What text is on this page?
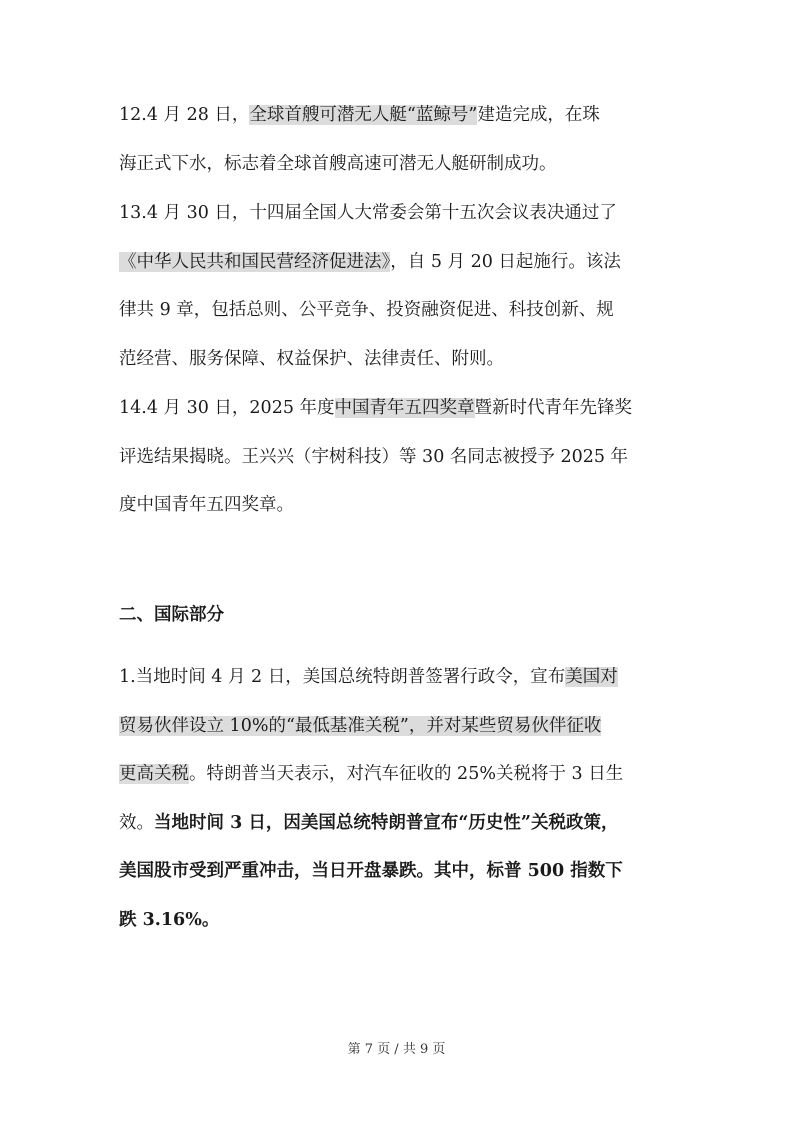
12.4 月 28 日，全球首艘可潜无人艇“蓝鲸号”建造完成，在珠
海正式下水，标志着全球首艘高速可潜无人艇研制成功。
13.4 月 30 日，十四届全国人大常委会第十五次会议表决通过了
《中华人民共和国民营经济促进法》，自 5 月 20 日起施行。该法
律共 9 章，包括总则、公平竞争、投资融资促进、科技创新、规
范经营、服务保障、权益保护、法律责任、附则。
14.4 月 30 日，2025 年度中国青年五四奖章暨新时代青年先锋奖
评选结果揭晓。王兴兴（宇树科技）等 30 名同志被授予 2025 年
度中国青年五四奖章。
二、国际部分
1.当地时间 4 月 2 日，美国总统特朗普签署行政令，宣布美国对
贸易伙伴设立 10%的“最低基准关税”，并对某些贸易伙伴征收
更高关税。特朗普当天表示，对汽车征收的 25%关税将于 3 日生
效。当地时间 3 日，因美国总统特朗普宣布“历史性”关税政策，
美国股市受到严重冲击，当日开盘暴跌。其中，标普 500 指数下
跌 3.16%。
第 7 页 / 共 9 页
